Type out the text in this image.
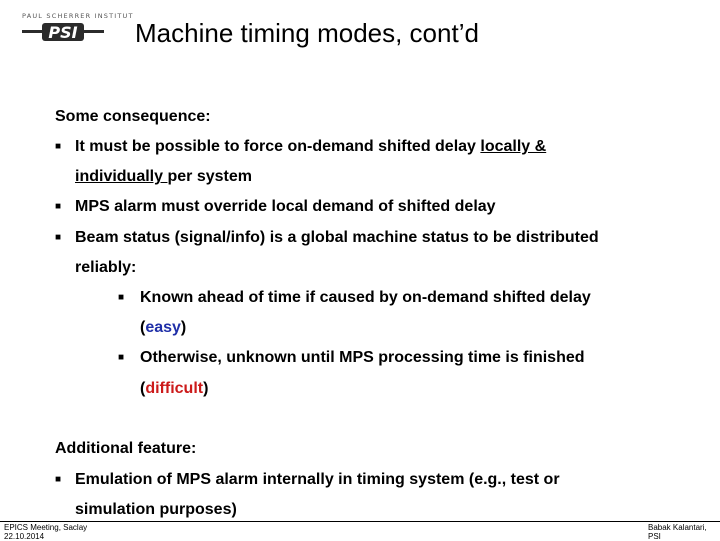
PAUL SCHERRER INSTITUT
PSI Machine timing modes, cont’d

Some consequence:

■ It must be possible to force on-demand shifted delay locally &
individually per system
■ MPS alarm must override local demand of shifted delay
■ Beam status (signal/info) is a global machine status to be distributed
reliably:
■ Known ahead of time if caused by on-demand shifted delay
(easy)
■ Otherwise, unknown until MPS processing time is finished
(difficult)

Additional feature:

■ Emulation of MPS alarm internally in timing system (e.g., test or
simulation purposes)
EPICS Meeting, Saclay
22.10.2014
Babak Kalantari,
PSI
